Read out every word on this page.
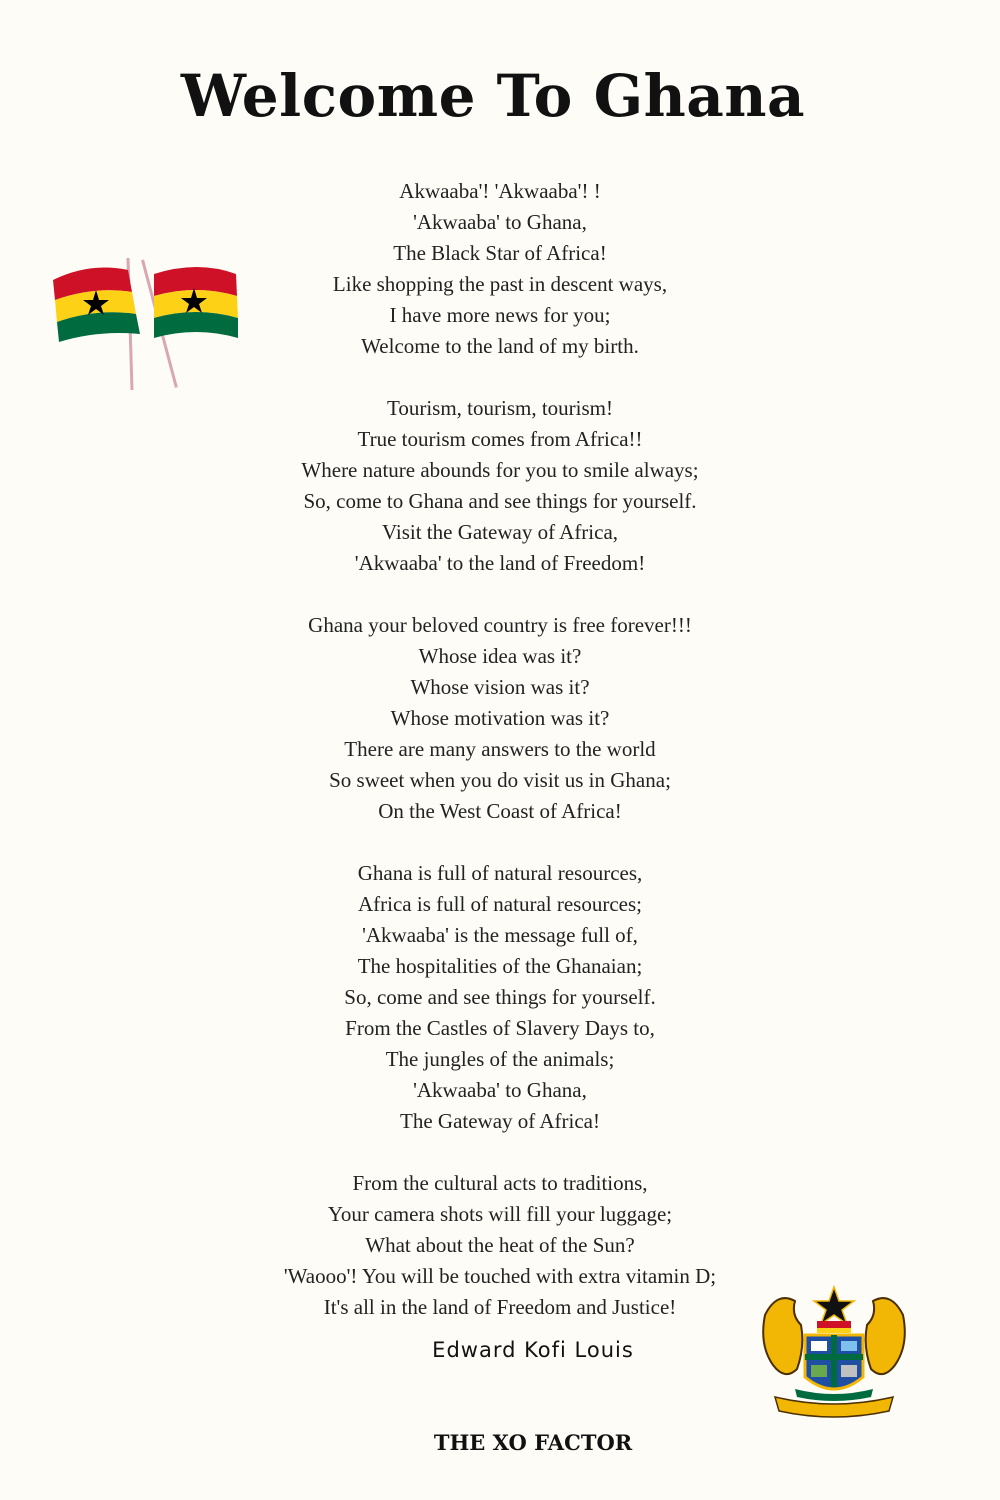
Welcome To Ghana
Akwaaba'! 'Akwaaba'! !
'Akwaaba' to Ghana,
The Black Star of Africa!
Like shopping the past in descent ways,
I have more news for you;
Welcome to the land of my birth.
Tourism, tourism, tourism!
True tourism comes from Africa!!
Where nature abounds for you to smile always;
So, come to Ghana and see things for yourself.
Visit the Gateway of Africa,
'Akwaaba' to the land of Freedom!
Ghana your beloved country is free forever!!!
Whose idea was it?
Whose vision was it?
Whose motivation was it?
There are many answers to the world
So sweet when you do visit us in Ghana;
On the West Coast of Africa!
Ghana is full of natural resources,
Africa is full of natural resources;
'Akwaaba' is the message full of,
The hospitalities of the Ghanaian;
So, come and see things for yourself.
From the Castles of Slavery Days to,
The jungles of the animals;
'Akwaaba' to Ghana,
The Gateway of Africa!
From the cultural acts to traditions,
Your camera shots will fill your luggage;
What about the heat of the Sun?
'Waooo'! You will be touched with extra vitamin D;
It's all in the land of Freedom and Justice!
Edward Kofi Louis
THE XO FACTOR
